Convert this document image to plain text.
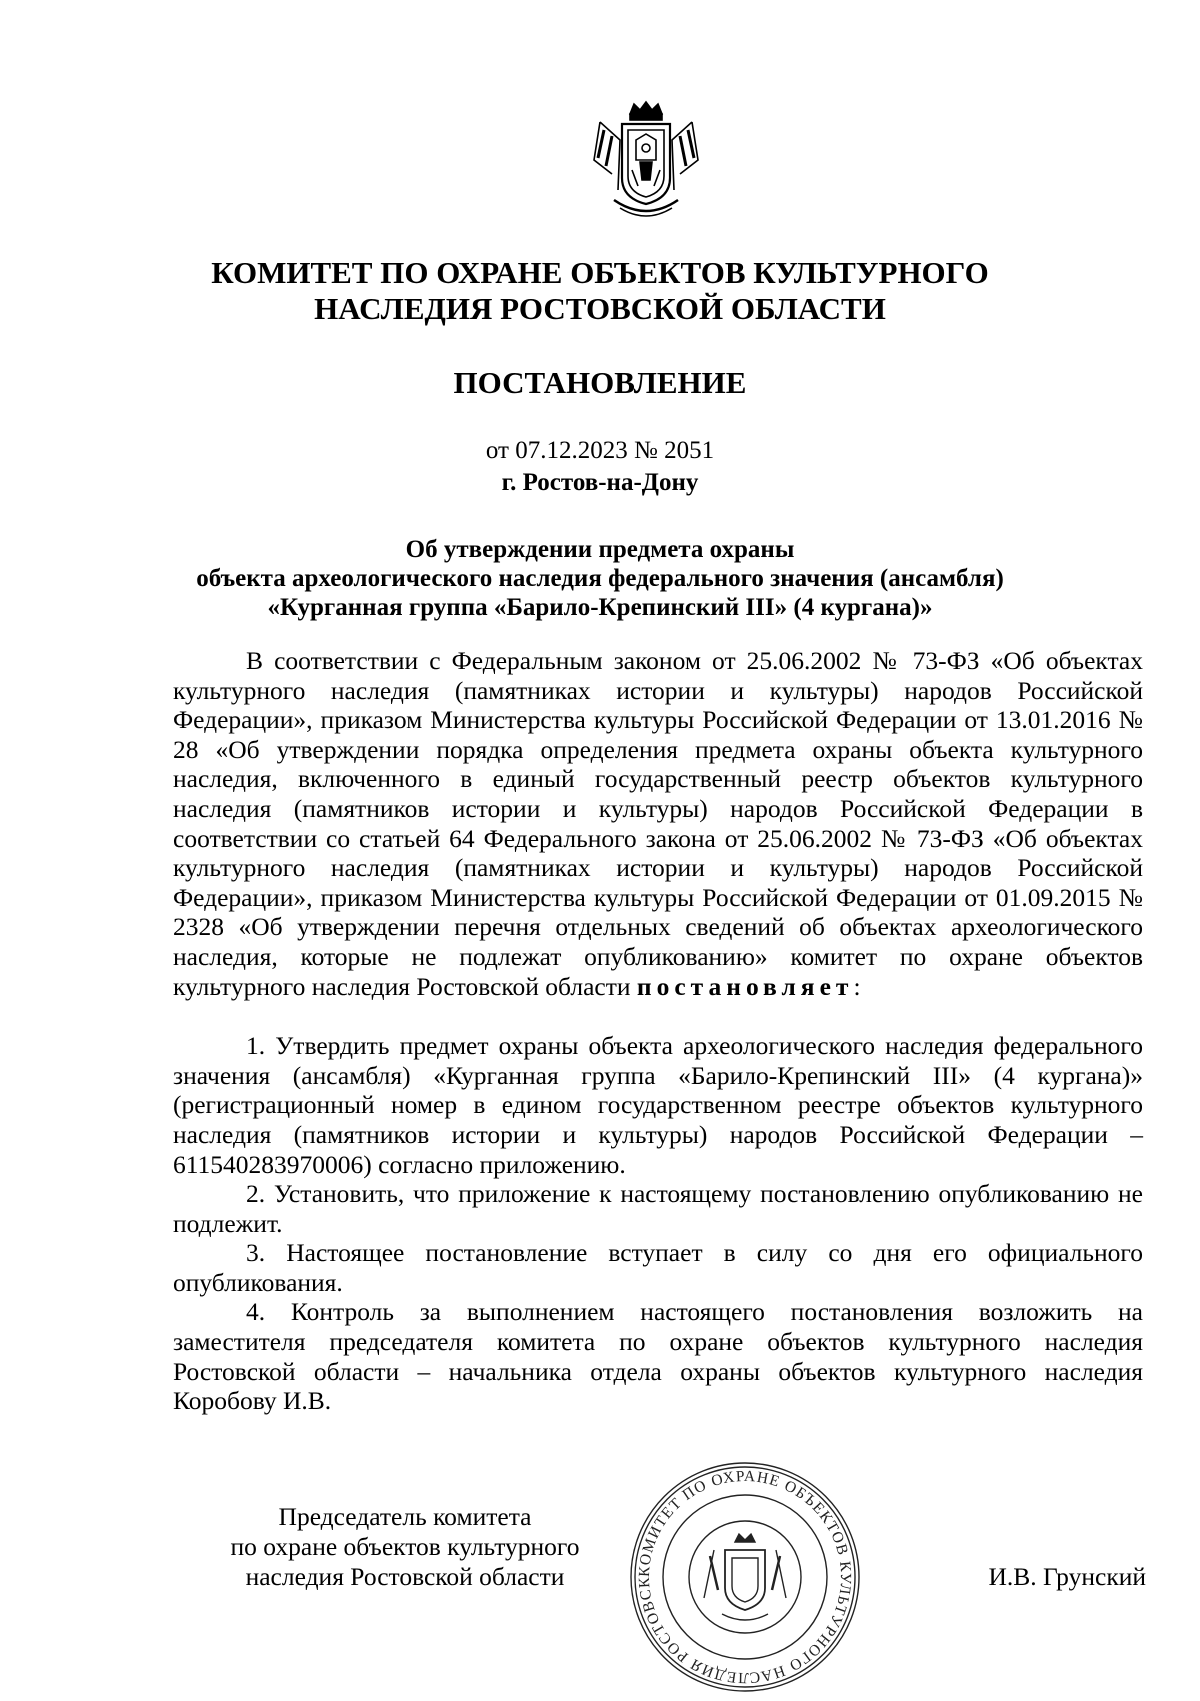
КОМИТЕТ ПО ОХРАНЕ ОБЪЕКТОВ КУЛЬТУРНОГО
НАСЛЕДИЯ РОСТОВСКОЙ ОБЛАСТИ
ПОСТАНОВЛЕНИЕ
от 07.12.2023 № 2051
г. Ростов-на-Дону
Об утверждении предмета охраны
объекта археологического наследия федерального значения (ансамбля)
«Курганная группа «Барило-Крепинский III» (4 кургана)»

В соответствии с Федеральным законом от 25.06.2002 № 73-ФЗ «Об объектах культурного наследия (памятниках истории и культуры) народов Российской Федерации», приказом Министерства культуры Российской Федерации от 13.01.2016 № 28 «Об утверждении порядка определения предмета охраны объекта культурного наследия, включенного в единый государственный реестр объектов культурного наследия (памятников истории и культуры) народов Российской Федерации в соответствии со статьей 64 Федерального закона от 25.06.2002 № 73-ФЗ «Об объектах культурного наследия (памятниках истории и культуры) народов Российской Федерации», приказом Министерства культуры Российской Федерации от 01.09.2015 № 2328 «Об утверждении перечня отдельных сведений об объектах археологического наследия, которые не подлежат опубликованию» комитет по охране объектов культурного наследия Ростовской области постановляет:

1. Утвердить предмет охраны объекта археологического наследия федерального значения (ансамбля) «Курганная группа «Барило-Крепинский III» (4 кургана)» (регистрационный номер в едином государственном реестре объектов культурного наследия (памятников истории и культуры) народов Российской Федерации – 611540283970006) согласно приложению.

2. Установить, что приложение к настоящему постановлению опубликованию не подлежит.

3. Настоящее постановление вступает в силу со дня его официального опубликования.

4. Контроль за выполнением настоящего постановления возложить на заместителя председателя комитета по охране объектов культурного наследия Ростовской области – начальника отдела охраны объектов культурного наследия Коробову И.В.

Председатель комитета
по охране объектов культурного
наследия Ростовской области	КОМИТЕТ ПО ОХРАНЕ ОБЪЕКТОВ КУЛЬТУРНОГО НАСЛЕДИЯ РОСТОВСК	И.В. Грунский
